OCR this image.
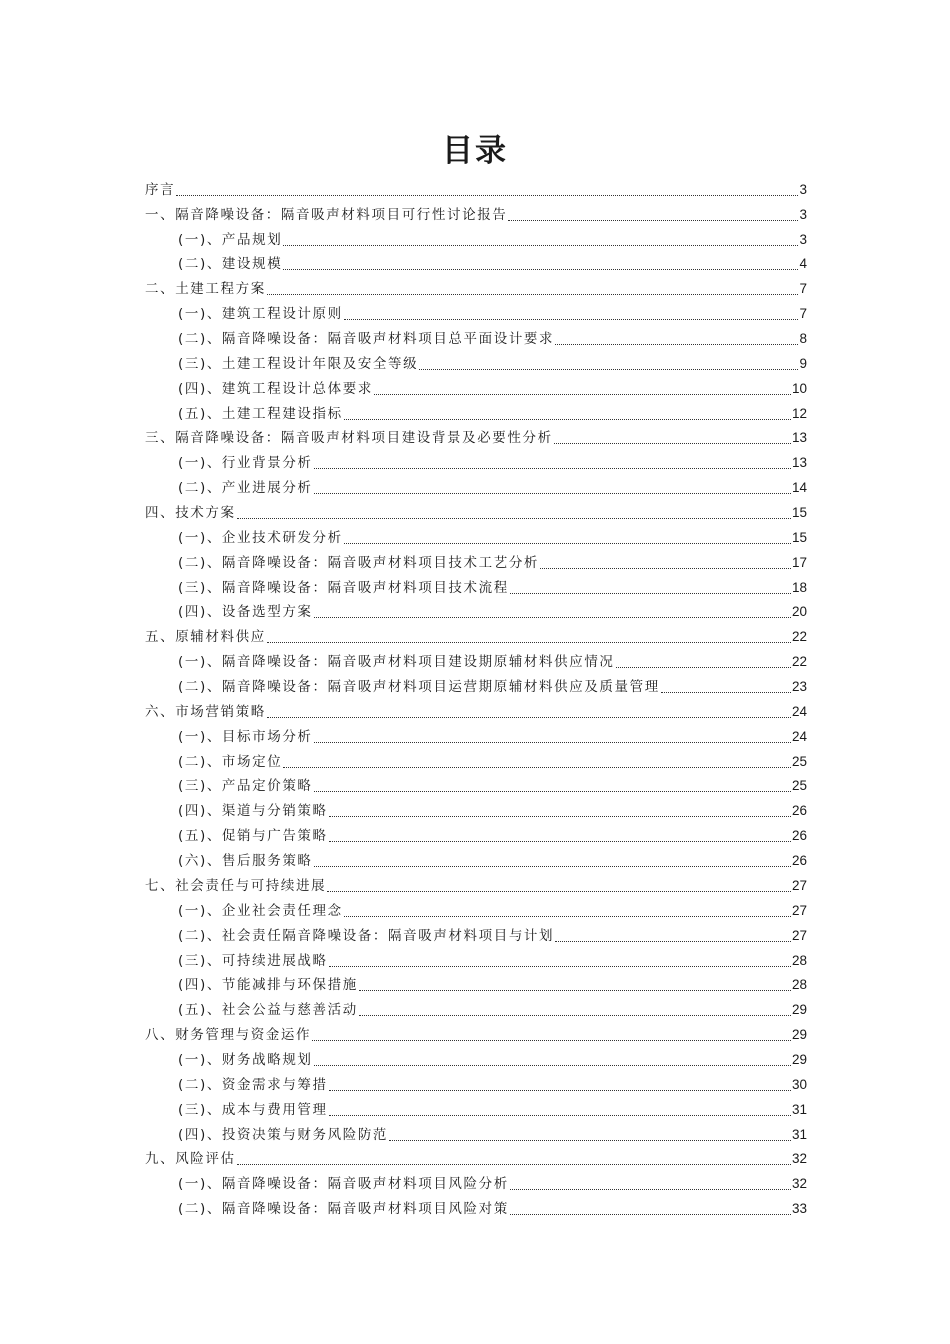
目录
序言	3
一、隔音降噪设备：隔音吸声材料项目可行性讨论报告	3
(一)、产品规划	3
(二)、建设规模	4
二、土建工程方案	7
(一)、建筑工程设计原则	7
(二)、隔音降噪设备：隔音吸声材料项目总平面设计要求	8
(三)、土建工程设计年限及安全等级	9
(四)、建筑工程设计总体要求	10
(五)、土建工程建设指标	12
三、隔音降噪设备：隔音吸声材料项目建设背景及必要性分析	13
(一)、行业背景分析	13
(二)、产业进展分析	14
四、技术方案	15
(一)、企业技术研发分析	15
(二)、隔音降噪设备：隔音吸声材料项目技术工艺分析	17
(三)、隔音降噪设备：隔音吸声材料项目技术流程	18
(四)、设备选型方案	20
五、原辅材料供应	22
(一)、隔音降噪设备：隔音吸声材料项目建设期原辅材料供应情况	22
(二)、隔音降噪设备：隔音吸声材料项目运营期原辅材料供应及质量管理	23
六、市场营销策略	24
(一)、目标市场分析	24
(二)、市场定位	25
(三)、产品定价策略	25
(四)、渠道与分销策略	26
(五)、促销与广告策略	26
(六)、售后服务策略	26
七、社会责任与可持续进展	27
(一)、企业社会责任理念	27
(二)、社会责任隔音降噪设备：隔音吸声材料项目与计划	27
(三)、可持续进展战略	28
(四)、节能减排与环保措施	28
(五)、社会公益与慈善活动	29
八、财务管理与资金运作	29
(一)、财务战略规划	29
(二)、资金需求与筹措	30
(三)、成本与费用管理	31
(四)、投资决策与财务风险防范	31
九、风险评估	32
(一)、隔音降噪设备：隔音吸声材料项目风险分析	32
(二)、隔音降噪设备：隔音吸声材料项目风险对策	33
